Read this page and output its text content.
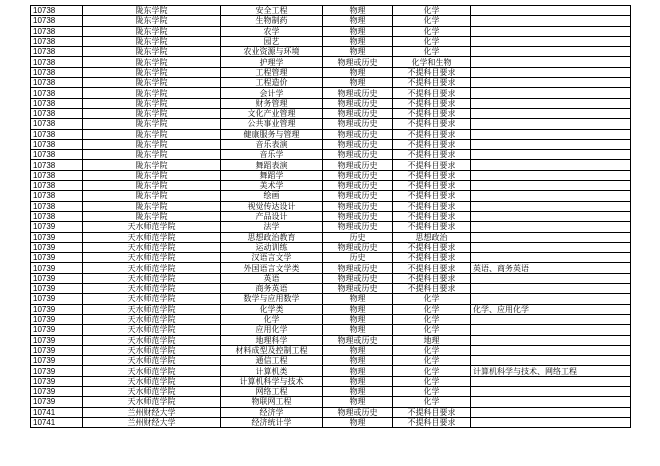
10738	陇东学院	安全工程	物理	化学	
10738	陇东学院	生物制药	物理	化学	
10738	陇东学院	农学	物理	化学	
10738	陇东学院	园艺	物理	化学	
10738	陇东学院	农业资源与环境	物理	化学	
10738	陇东学院	护理学	物理或历史	化学和生物	
10738	陇东学院	工程管理	物理	不提科目要求	
10738	陇东学院	工程造价	物理	不提科目要求	
10738	陇东学院	会计学	物理或历史	不提科目要求	
10738	陇东学院	财务管理	物理或历史	不提科目要求	
10738	陇东学院	文化产业管理	物理或历史	不提科目要求	
10738	陇东学院	公共事业管理	物理或历史	不提科目要求	
10738	陇东学院	健康服务与管理	物理或历史	不提科目要求	
10738	陇东学院	音乐表演	物理或历史	不提科目要求	
10738	陇东学院	音乐学	物理或历史	不提科目要求	
10738	陇东学院	舞蹈表演	物理或历史	不提科目要求	
10738	陇东学院	舞蹈学	物理或历史	不提科目要求	
10738	陇东学院	美术学	物理或历史	不提科目要求	
10738	陇东学院	绘画	物理或历史	不提科目要求	
10738	陇东学院	视觉传达设计	物理或历史	不提科目要求	
10738	陇东学院	产品设计	物理或历史	不提科目要求	
10739	天水师范学院	法学	物理或历史	不提科目要求	
10739	天水师范学院	思想政治教育	历史	思想政治	
10739	天水师范学院	运动训练	物理或历史	不提科目要求	
10739	天水师范学院	汉语言文学	历史	不提科目要求	
10739	天水师范学院	外国语言文学类	物理或历史	不提科目要求	英语、商务英语
10739	天水师范学院	英语	物理或历史	不提科目要求	
10739	天水师范学院	商务英语	物理或历史	不提科目要求	
10739	天水师范学院	数学与应用数学	物理	化学	
10739	天水师范学院	化学类	物理	化学	化学、应用化学
10739	天水师范学院	化学	物理	化学	
10739	天水师范学院	应用化学	物理	化学	
10739	天水师范学院	地理科学	物理或历史	地理	
10739	天水师范学院	材料成型及控制工程	物理	化学	
10739	天水师范学院	通信工程	物理	化学	
10739	天水师范学院	计算机类	物理	化学	计算机科学与技术、网络工程
10739	天水师范学院	计算机科学与技术	物理	化学	
10739	天水师范学院	网络工程	物理	化学	
10739	天水师范学院	物联网工程	物理	化学	
10741	兰州财经大学	经济学	物理或历史	不提科目要求	
10741	兰州财经大学	经济统计学	物理	不提科目要求	
